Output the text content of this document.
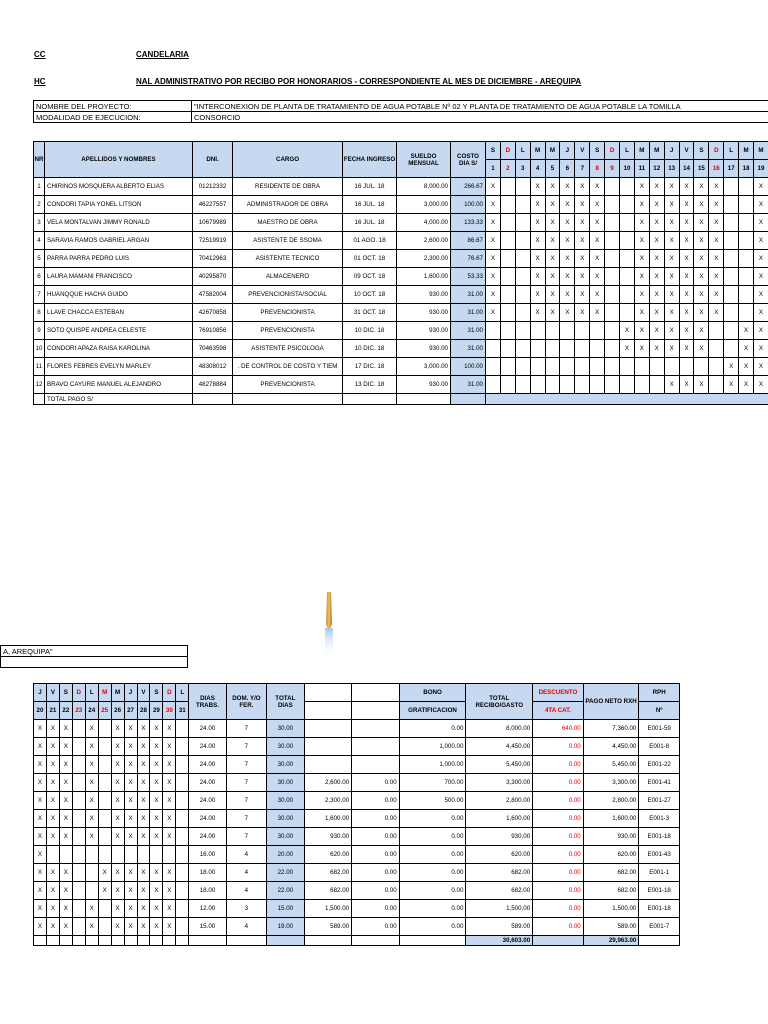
CC	CANDELARIA
HC	NAL ADMINISTRATIVO POR RECIBO POR HONORARIOS - CORRESPONDIENTE AL MES DE DICIEMBRE - AREQUIPA
NOMBRE DEL PROYECTO:	"INTERCONEXION DE PLANTA DE TRATAMIENTO DE AGUA POTABLE Nº 02 Y PLANTA DE TRATAMIENTO DE AGUA POTABLE LA TOMILLA
MODALIDAD DE EJECUCION:	CONSORCIO
NR	APELLIDOS Y NOMBRES	DNI.	CARGO	FECHA INGRESO	SUELDO MENSUAL	COSTO DIA S/	S	D	L	M	M	J	V	S	D	L	M	M	J	V	S	D	L	M	M
							1	2	3	4	5	6	7	8	9	10	11	12	13	14	15	16	17	18	19
1	CHIRINOS MOSQUERA ALBERTO ELIAS	01212332	RESIDENTE DE OBRA	16 JUL. 18	8,000.00	266.67	X			X	X	X	X	X			X	X	X	X	X	X			X
2	CONDORI TAPIA YONEL LITSON	46227557	ADMINISTRADOR DE OBRA	16 JUL. 18	3,000.00	100.00	X			X	X	X	X	X			X	X	X	X	X	X			X
3	VELA MONTALVAN JIMMY RONALD	10679989	MAESTRO DE OBRA	16 JUL. 18	4,000.00	133.33	X			X	X	X	X	X			X	X	X	X	X	X			X
4	SARAVIA RAMOS GABRIEL ARGAN	72519919	ASISTENTE DE SSOMA	01 AGO. 18	2,600.00	86.67	X			X	X	X	X	X			X	X	X	X	X	X			X
5	PARRA PARRA PEDRO LUIS	70412963	ASISTENTE TECNICO	01 OCT. 18	2,300.00	76.67	X			X	X	X	X	X			X	X	X	X	X	X			X
6	LAURA MAMANI FRANCISCO	40295870	ALMACENERO	09 OCT. 18	1,600.00	53.33	X			X	X	X	X	X			X	X	X	X	X	X			X
7	HUANQQUE HACHA GUIDO	47582004	PREVENCIONISTA/SOCIAL	10 OCT. 18	930.00	31.00	X			X	X	X	X	X			X	X	X	X	X	X			X
8	LLAVE CHACCA ESTEBAN	42670858	PREVENCIONISTA	31 OCT. 18	930.00	31.00	X			X	X	X	X	X			X	X	X	X	X	X			X
9	SOTO QUISPE ANDREA CELESTE	76910856	PREVENCIONISTA	10 DIC. 18	930.00	31.00										X	X	X	X	X	X			X	X
10	CONDORI APAZA RAISA KAROLINA	70463598	ASISTENTE PSICOLOGA	10 DIC. 18	930.00	31.00										X	X	X	X	X	X			X	X
11	FLORES FEBRES EVELYN MARLEY	48308012	. DE CONTROL DE COSTO Y TIEM	17 DIC. 18	3,000.00	100.00																	X	X	X
12	BRAVO CAYURE MANUEL ALEJANDRO	48278884	PREVENCIONISTA	13 DIC. 18	930.00	31.00													X	X	X		X	X	X
	TOTAL PAGO S/																								
A, AREQUIPA"

J	V	S	D	L	M	M	J	V	S	D	L	DIAS TRABS.	DOM. Y/O FER.	TOTAL DIAS			BONO	TOTAL RECIBO/GASTO	DESCUENTO	PAGO NETO RXH	RPH
20	21	22	23	24	25	26	27	28	29	30	31						GRATIFICACION		4TA CAT.		Nº
X	X	X		X		X	X	X	X	X		24.00	7	30.00			0.00	8,000.00	640.00	7,360.00	E001-59
X	X	X		X		X	X	X	X	X		24.00	7	30.00			1,000.00	4,450.00	0.00	4,450.00	E001-8
X	X	X		X		X	X	X	X	X		24.00	7	30.00			1,000.00	5,450.00	0.00	5,450.00	E001-22
X	X	X		X		X	X	X	X	X		24.00	7	30.00	2,600.00	0.00	700.00	3,300.00	0.00	3,300.00	E001-41
X	X	X		X		X	X	X	X	X		24.00	7	30.00	2,300.00	0.00	500.00	2,800.00	0.00	2,800.00	E001-27
X	X	X		X		X	X	X	X	X		24.00	7	30.00	1,600.00	0.00	0.00	1,600.00	0.00	1,600.00	E001-3
X	X	X		X		X	X	X	X	X		24.00	7	30.00	930.00	0.00	0.00	930.00	0.00	930.00	E001-18
X												16.00	4	20.00	620.00	0.00	0.00	620.00	0.00	620.00	E001-43
X	X	X			X	X	X	X	X	X		18.00	4	22.00	682.00	0.00	0.00	682.00	0.00	682.00	E001-1
X	X	X			X	X	X	X	X	X		18.00	4	22.00	682.00	0.00	0.00	682.00	0.00	682.00	E001-18
X	X	X		X		X	X	X	X	X		12.00	3	15.00	1,500.00	0.00	0.00	1,500.00	0.00	1,500.00	E001-18
X	X	X		X		X	X	X	X	X		15.00	4	19.00	589.00	0.00	0.00	589.00	0.00	589.00	E001-7
																		30,603.00		29,963.00	
